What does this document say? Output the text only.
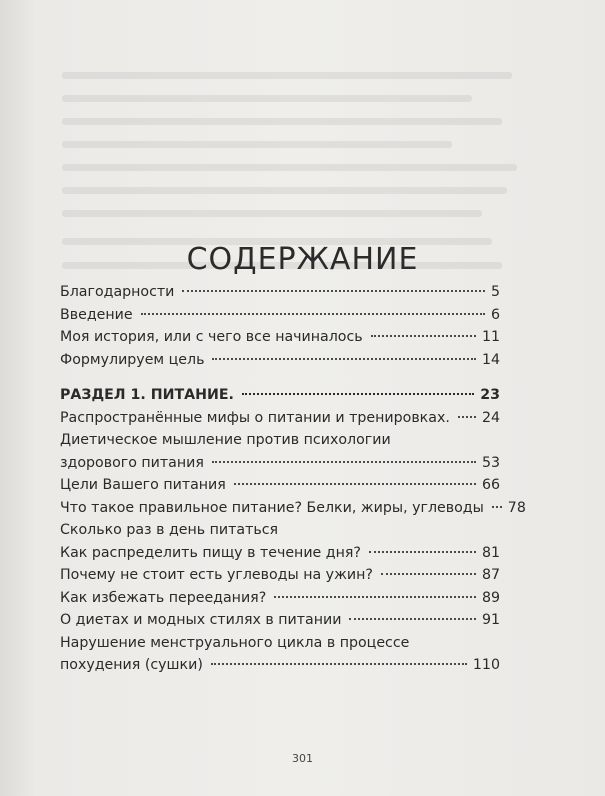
СОДЕРЖАНИЕ
Благодарности	5
Введение	6
Моя история, или с чего все начиналось	11
Формулируем цель	14
РАЗДЕЛ 1. ПИТАНИЕ.	23
Распространённые мифы о питании и тренировках. 24
Диетическое мышление против психологии
здорового питания	53
Цели Вашего питания	66
Что такое правильное питание? Белки, жиры, углеводы 78
Сколько раз в день питаться
Как распределить пищу в течение дня?	81
Почему не стоит есть углеводы на ужин?	87
Как избежать переедания?	89
О диетах и модных стилях в питании	91
Нарушение менструального цикла в процессе
похудения (сушки)	110
301
